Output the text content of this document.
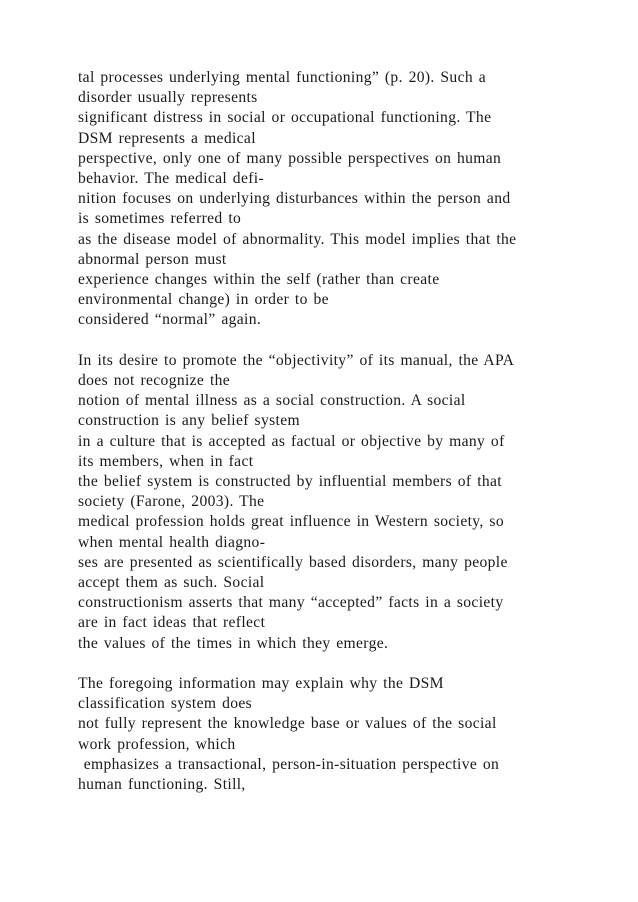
tal processes underlying mental functioning” (p. 20). Such a
disorder usually represents
significant distress in social or occupational functioning. The
DSM represents a medical
perspective, only one of many possible perspectives on human
behavior. The medical defi-
nition focuses on underlying disturbances within the person and
is sometimes referred to
as the disease model of abnormality. This model implies that the
abnormal person must
experience changes within the self (rather than create
environmental change) in order to be
considered “normal” again.

In its desire to promote the “objectivity” of its manual, the APA
does not recognize the
notion of mental illness as a social construction. A social
construction is any belief system
in a culture that is accepted as factual or objective by many of
its members, when in fact
the belief system is constructed by influential members of that
society (Farone, 2003). The
medical profession holds great influence in Western society, so
when mental health diagno-
ses are presented as scientifically based disorders, many people
accept them as such. Social
constructionism asserts that many “accepted” facts in a society
are in fact ideas that reflect
the values of the times in which they emerge.

The foregoing information may explain why the DSM
classification system does
not fully represent the knowledge base or values of the social
work profession, which
emphasizes a transactional, person-in-situation perspective on
human functioning. Still,
